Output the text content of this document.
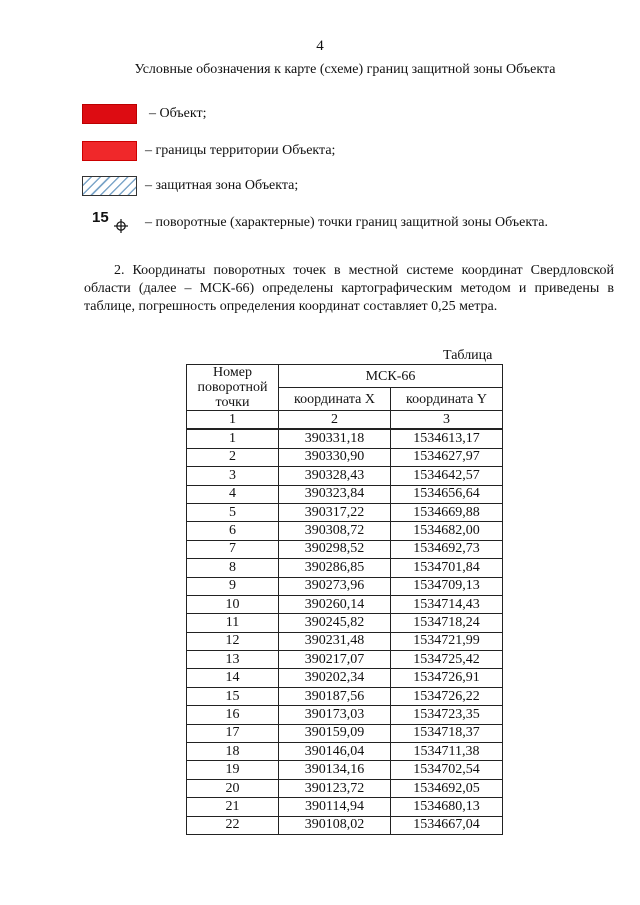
4
Условные обозначения к карте (схеме) границ защитной зоны Объекта
– Объект;
– границы территории Объекта;
– защитная зона Объекта;
15	– поворотные (характерные) точки границ защитной зоны Объекта.
2. Координаты поворотных точек в местной системе координат Свердловской области (далее – МСК-66) определены картографическим методом и приведены в таблице, погрешность определения координат составляет 0,25 метра.
Таблица
Номер поворотной точки	МСК-66	
	координата X	координата Y
1	2	3
1	390331,18	1534613,17
2	390330,90	1534627,97
3	390328,43	1534642,57
4	390323,84	1534656,64
5	390317,22	1534669,88
6	390308,72	1534682,00
7	390298,52	1534692,73
8	390286,85	1534701,84
9	390273,96	1534709,13
10	390260,14	1534714,43
11	390245,82	1534718,24
12	390231,48	1534721,99
13	390217,07	1534725,42
14	390202,34	1534726,91
15	390187,56	1534726,22
16	390173,03	1534723,35
17	390159,09	1534718,37
18	390146,04	1534711,38
19	390134,16	1534702,54
20	390123,72	1534692,05
21	390114,94	1534680,13
22	390108,02	1534667,04
